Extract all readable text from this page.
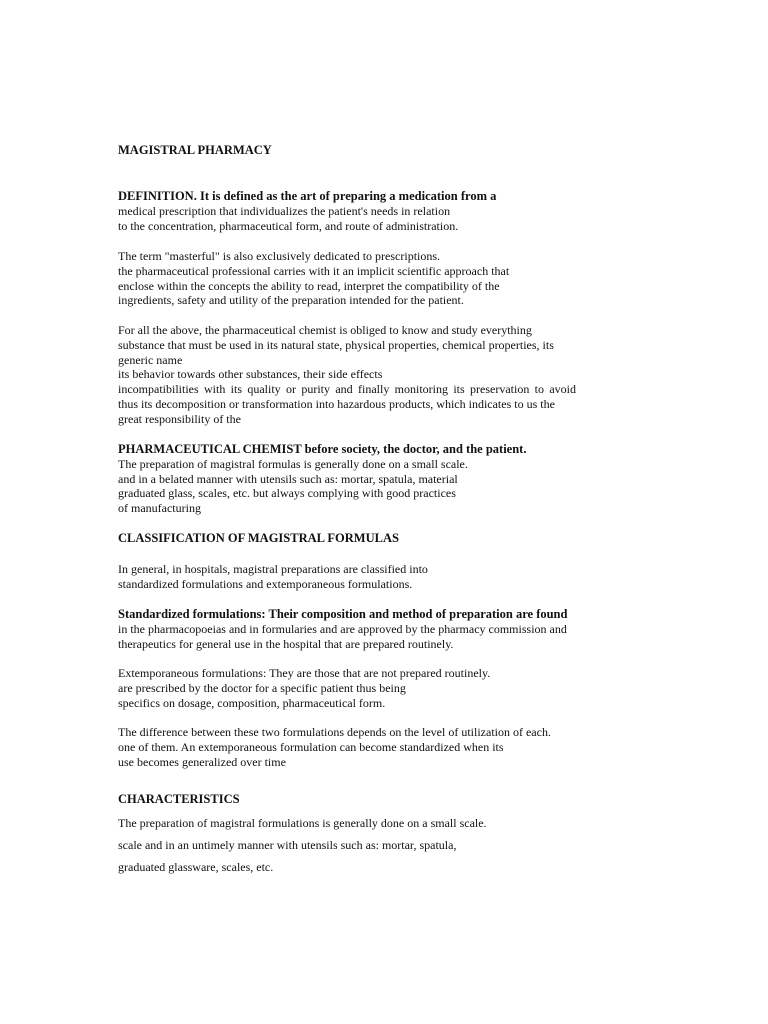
MAGISTRAL PHARMACY
DEFINITION. It is defined as the art of preparing a medication from a
medical prescription that individualizes the patient's needs in relation
to the concentration, pharmaceutical form, and route of administration.
The term "masterful" is also exclusively dedicated to prescriptions.
the pharmaceutical professional carries with it an implicit scientific approach that
enclose within the concepts the ability to read, interpret the compatibility of the
ingredients, safety and utility of the preparation intended for the patient.
For all the above, the pharmaceutical chemist is obliged to know and study everything
substance that must be used in its natural state, physical properties, chemical properties, its
generic name
its behavior towards other substances, their side effects
incompatibilities with its quality or purity and finally monitoring its preservation to avoid
thus its decomposition or transformation into hazardous products, which indicates to us the
great responsibility of the
PHARMACEUTICAL CHEMIST before society, the doctor, and the patient.
The preparation of magistral formulas is generally done on a small scale.
and in a belated manner with utensils such as: mortar, spatula, material
graduated glass, scales, etc. but always complying with good practices
of manufacturing
CLASSIFICATION OF MAGISTRAL FORMULAS
In general, in hospitals, magistral preparations are classified into
standardized formulations and extemporaneous formulations.
Standardized formulations: Their composition and method of preparation are found
in the pharmacopoeias and in formularies and are approved by the pharmacy commission and
therapeutics for general use in the hospital that are prepared routinely.
Extemporaneous formulations: They are those that are not prepared routinely.
are prescribed by the doctor for a specific patient thus being
specifics on dosage, composition, pharmaceutical form.
The difference between these two formulations depends on the level of utilization of each.
one of them. An extemporaneous formulation can become standardized when its
use becomes generalized over time
CHARACTERISTICS
The preparation of magistral formulations is generally done on a small scale.
scale and in an untimely manner with utensils such as: mortar, spatula,
graduated glassware, scales, etc.
